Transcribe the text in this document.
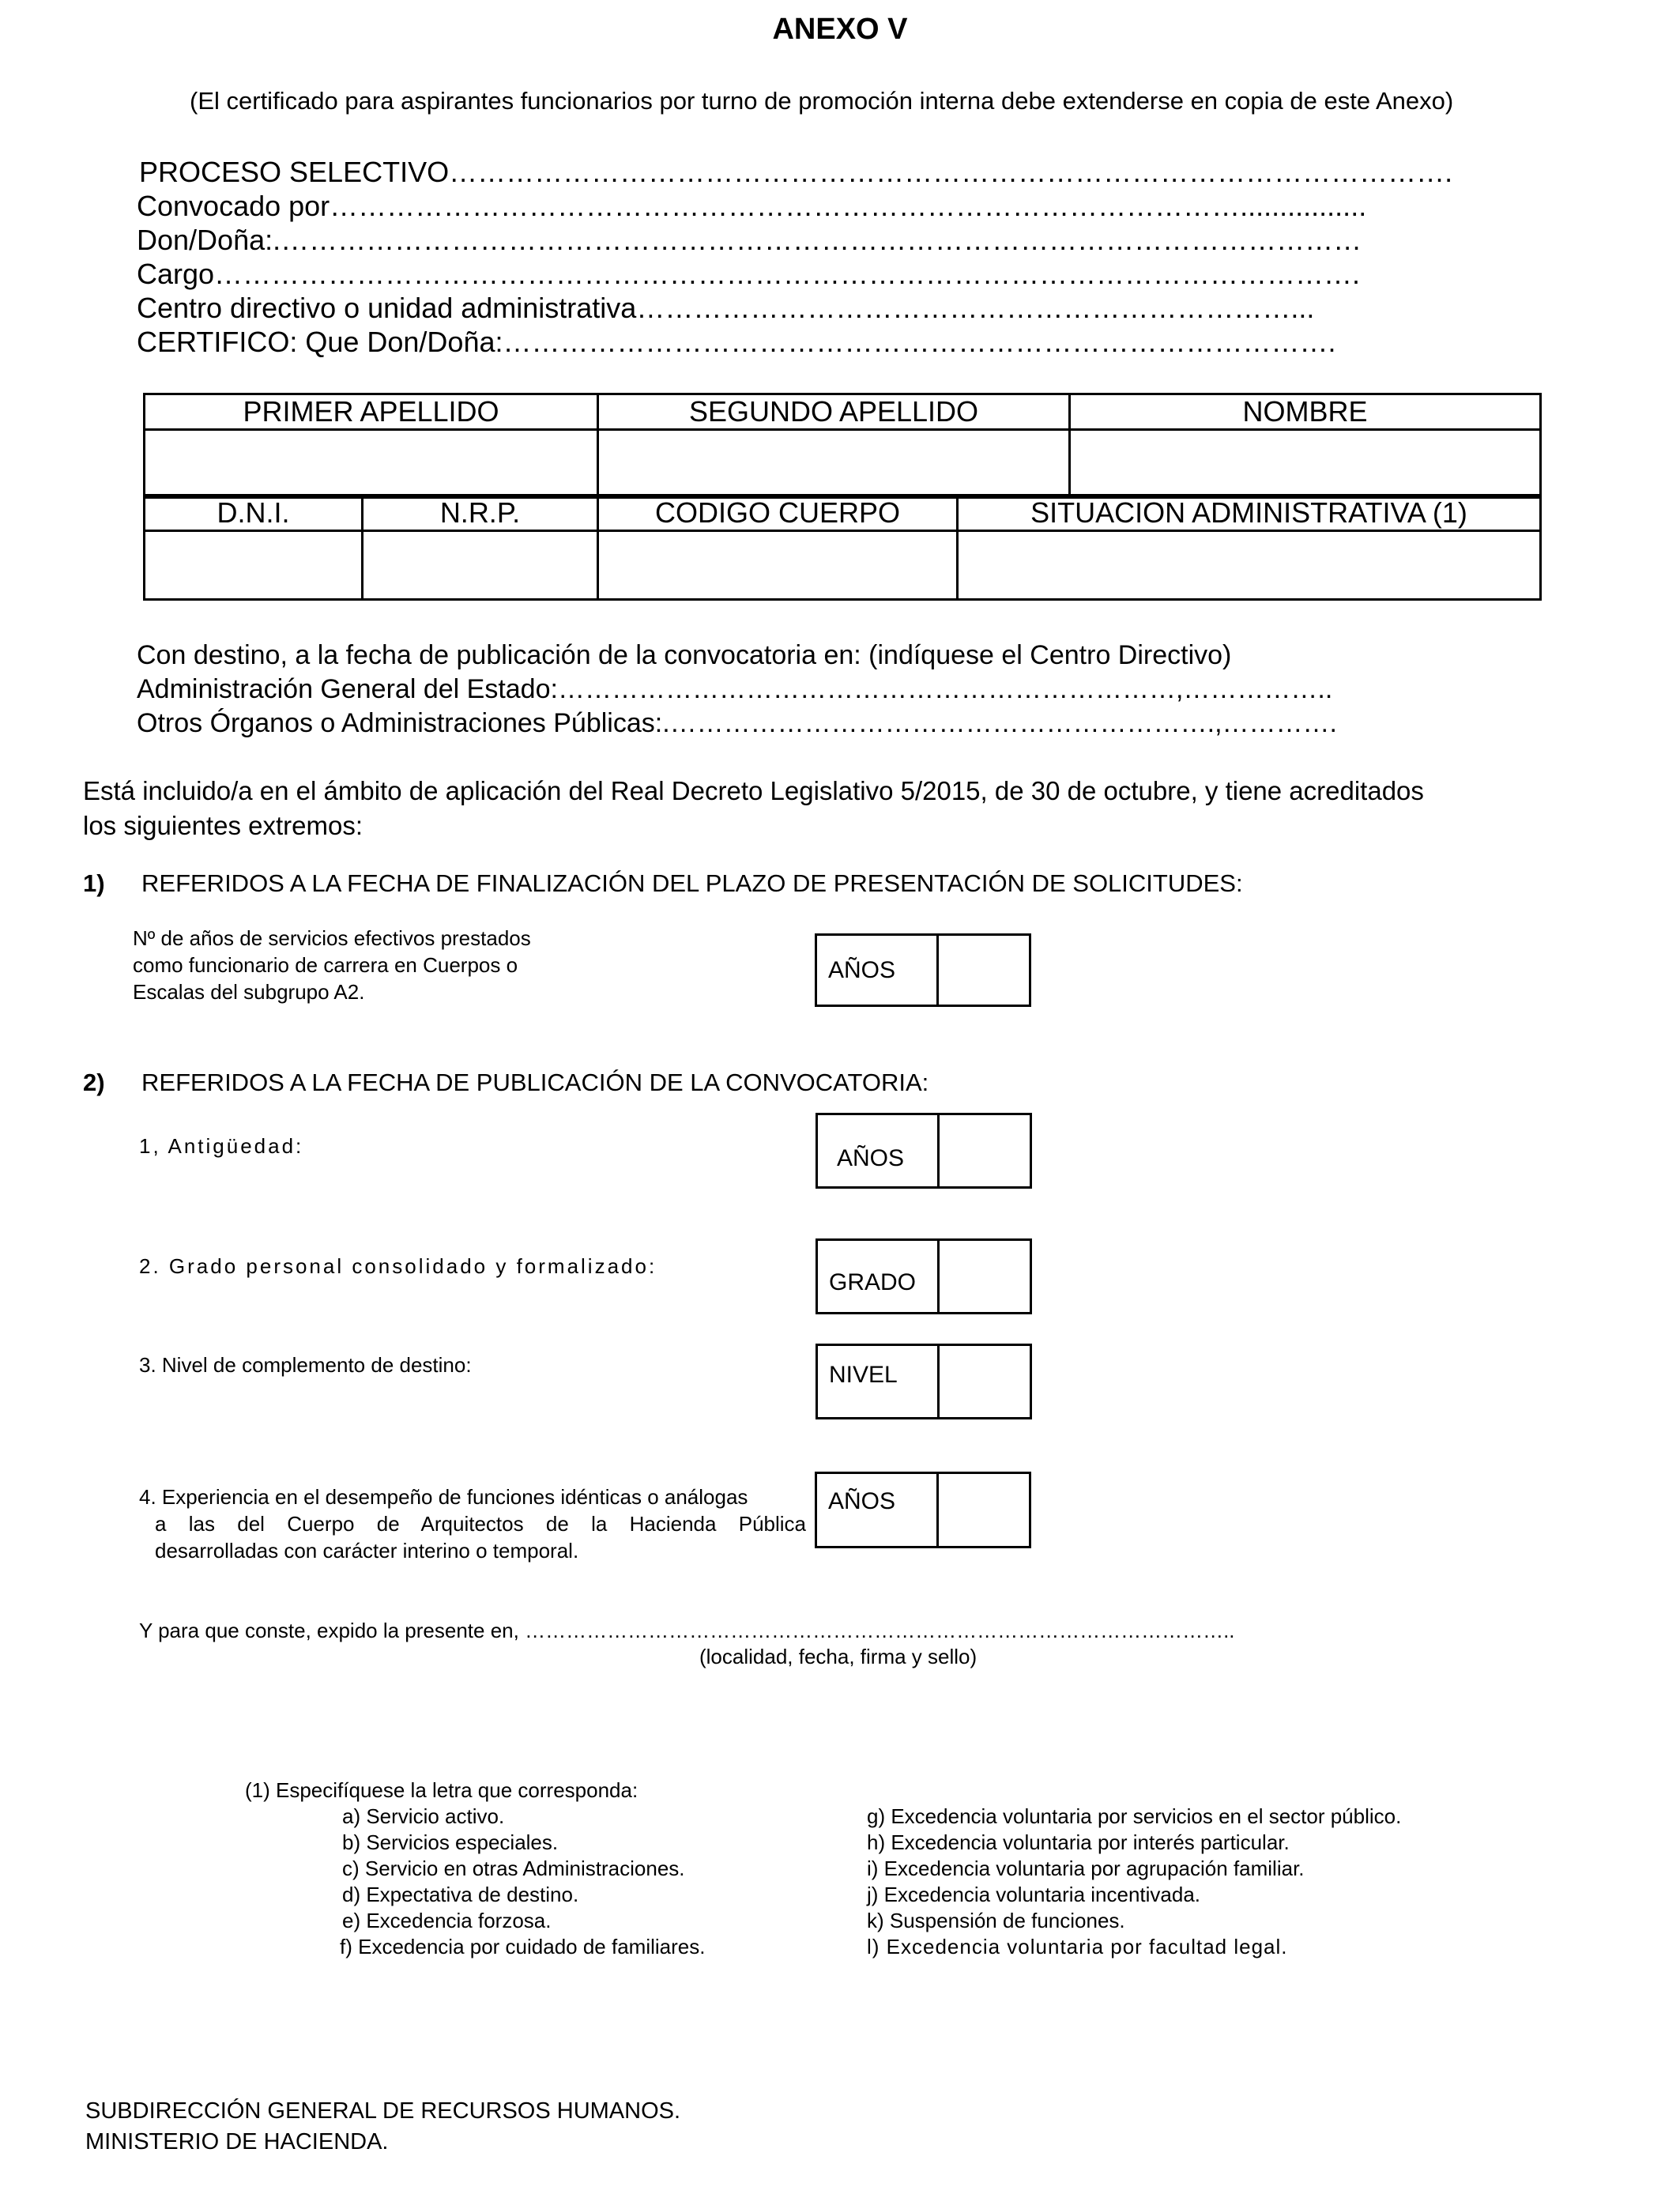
ANEXO V
(El certificado para aspirantes funcionarios por turno de promoción interna debe extenderse en copia de este Anexo)
PROCESO SELECTIVO…………………………………………………………………………………………….
Convocado por……………………………………………………………………………………................
Don/Doña:.……………………………………………………………………………………………………
Cargo………………………………………………………………………………………………………….
Centro directivo o unidad administrativa……………………………………………………………...
CERTIFICO: Que Don/Doña:…………………………………………………………………………….
PRIMER APELLIDO	SEGUNDO APELLIDO	NOMBRE

D.N.I.	N.R.P.	CODIGO CUERPO	SITUACION ADMINISTRATIVA (1)

Con destino, a la fecha de publicación de la convocatoria en: (indíquese el Centro Directivo)
Administración General del Estado:……………………………………………………………,……………..
Otros Órganos o Administraciones Públicas:.…………………………………………………….,………….
Está incluido/a en el ámbito de aplicación del Real Decreto Legislativo 5/2015, de 30 de octubre, y tiene acreditados
los siguientes extremos:
1) REFERIDOS A LA FECHA DE FINALIZACIÓN DEL PLAZO DE PRESENTACIÓN DE SOLICITUDES:
Nº de años de servicios efectivos prestados
como funcionario de carrera en Cuerpos o
Escalas del subgrupo A2.
AÑOS
2) REFERIDOS A LA FECHA DE PUBLICACIÓN DE LA CONVOCATORIA:
1, Antigüedad:	AÑOS
2. Grado personal consolidado y formalizado:
GRADO
3. Nivel de complemento de destino:	NIVEL
4. Experiencia en el desempeño de funciones idénticas o análogas
a las del Cuerpo de Arquitectos de la Hacienda Pública
desarrolladas con carácter interino o temporal.
AÑOS
Y para que conste, expido la presente en, …………………………………………………………………………………………..
(localidad, fecha, firma y sello)
(1) Especifíquese la letra que corresponda:
a) Servicio activo.
b) Servicios especiales.
c) Servicio en otras Administraciones.
d) Expectativa de destino.
e) Excedencia forzosa.
f) Excedencia por cuidado de familiares.
g) Excedencia voluntaria por servicios en el sector público.
h) Excedencia voluntaria por interés particular.
i) Excedencia voluntaria por agrupación familiar.
j) Excedencia voluntaria incentivada.
k) Suspensión de funciones.
l) Excedencia voluntaria por facultad legal.
SUBDIRECCIÓN GENERAL DE RECURSOS HUMANOS.
MINISTERIO DE HACIENDA.
